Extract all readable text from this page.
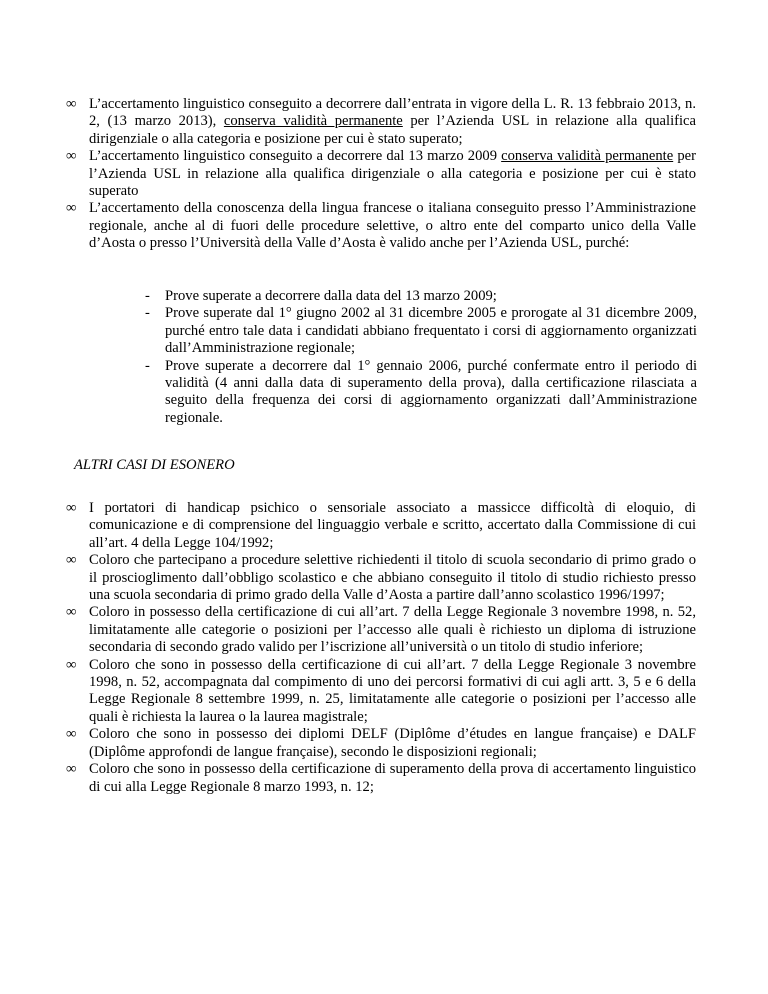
∞ L’accertamento linguistico conseguito a decorrere dall’entrata in vigore della L. R. 13 febbraio 2013, n. 2, (13 marzo 2013), conserva validità permanente per l’Azienda USL in relazione alla qualifica dirigenziale o alla categoria e posizione per cui è stato superato;
∞ L’accertamento linguistico conseguito a decorrere dal 13 marzo 2009 conserva validità permanente per l’Azienda USL in relazione alla qualifica dirigenziale o alla categoria e posizione per cui è stato superato
∞ L’accertamento della conoscenza della lingua francese o italiana conseguito presso l’Amministrazione regionale, anche al di fuori delle procedure selettive, o altro ente del comparto unico della Valle d’Aosta o presso l’Università della Valle d’Aosta è valido anche per l’Azienda USL, purché:
- Prove superate a decorrere dalla data del 13 marzo 2009;
- Prove superate dal 1° giugno 2002 al 31 dicembre 2005 e prorogate al 31 dicembre 2009, purché entro tale data i candidati abbiano frequentato i corsi di aggiornamento organizzati dall’Amministrazione regionale;
- Prove superate a decorrere dal 1° gennaio 2006, purché confermate entro il periodo di validità (4 anni dalla data di superamento della prova), dalla certificazione rilasciata a seguito della frequenza dei corsi di aggiornamento organizzati dall’Amministrazione regionale.
ALTRI CASI DI ESONERO
∞ I portatori di handicap psichico o sensoriale associato a massicce difficoltà di eloquio, di comunicazione e di comprensione del linguaggio verbale e scritto, accertato dalla Commissione di cui all’art. 4 della Legge 104/1992;
∞ Coloro che partecipano a procedure selettive richiedenti il titolo di scuola secondario di primo grado o il proscioglimento dall’obbligo scolastico e che abbiano conseguito il titolo di studio richiesto presso una scuola secondaria di primo grado della Valle d’Aosta a partire dall’anno scolastico 1996/1997;
∞ Coloro in possesso della certificazione di cui all’art. 7 della Legge Regionale 3 novembre 1998, n. 52, limitatamente alle categorie o posizioni per l’accesso alle quali è richiesto un diploma di istruzione secondaria di secondo grado valido per l’iscrizione all’università o un titolo di studio inferiore;
∞ Coloro che sono in possesso della certificazione di cui all’art. 7 della Legge Regionale 3 novembre 1998, n. 52, accompagnata dal compimento di uno dei percorsi formativi di cui agli artt. 3, 5 e 6 della Legge Regionale 8 settembre 1999, n. 25, limitatamente alle categorie o posizioni per l’accesso alle quali è richiesta la laurea o la laurea magistrale;
∞ Coloro che sono in possesso dei diplomi DELF (Diplôme d’études en langue française) e DALF (Diplôme approfondi de langue française), secondo le disposizioni regionali;
∞ Coloro che sono in possesso della certificazione di superamento della prova di accertamento linguistico di cui alla Legge Regionale 8 marzo 1993, n. 12;
